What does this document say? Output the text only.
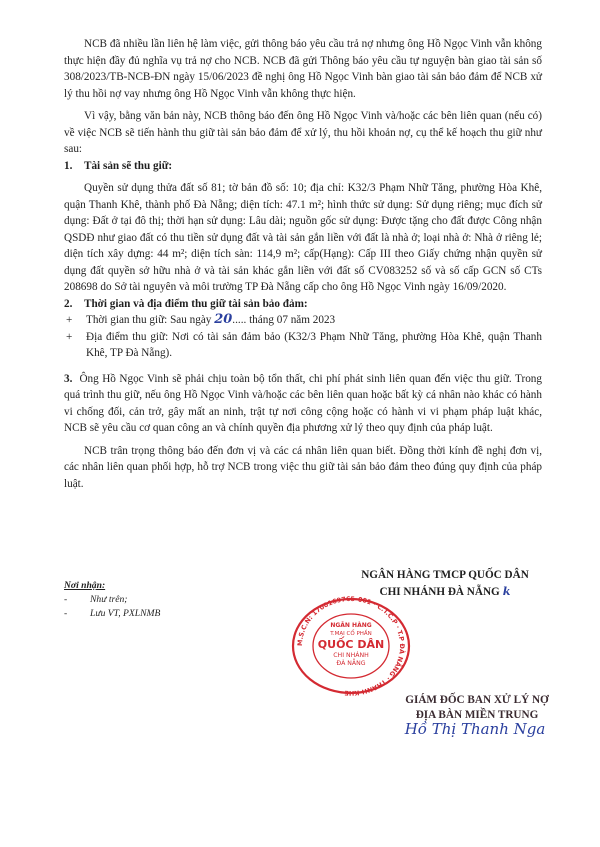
NCB đã nhiều lần liên hệ làm việc, gửi thông báo yêu cầu trả nợ nhưng ông Hồ Ngọc Vinh vẫn không thực hiện đầy đủ nghĩa vụ trả nợ cho NCB. NCB đã gửi Thông báo yêu cầu tự nguyện bàn giao tài sản số 308/2023/TB-NCB-ĐN ngày 15/06/2023 đề nghị ông Hồ Ngọc Vinh bàn giao tài sản bảo đảm để NCB xử lý thu hồi nợ vay nhưng ông Hồ Ngọc Vinh vẫn không thực hiện.

Vì vậy, bằng văn bản này, NCB thông báo đến ông Hồ Ngọc Vinh và/hoặc các bên liên quan (nếu có) về việc NCB sẽ tiến hành thu giữ tài sản bảo đảm để xử lý, thu hồi khoản nợ, cụ thể kế hoạch thu giữ như sau:

1. Tài sản sẽ thu giữ:

Quyền sử dụng thửa đất số 81; tờ bản đồ số: 10; địa chỉ: K32/3 Phạm Nhữ Tăng, phường Hòa Khê, quận Thanh Khê, thành phố Đà Nẵng; diện tích: 47.1 m²; hình thức sử dụng: Sử dụng riêng; mục đích sử dụng: Đất ở tại đô thị; thời hạn sử dụng: Lâu dài; nguồn gốc sử dụng: Được tặng cho đất được Công nhận QSDĐ như giao đất có thu tiền sử dụng đất và tài sản gắn liền với đất là nhà ở; loại nhà ở: Nhà ở riêng lẻ; diện tích xây dựng: 44 m²; diện tích sàn: 114,9 m²; cấp(Hạng): Cấp III theo Giấy chứng nhận quyền sử dụng đất quyền sở hữu nhà ở và tài sản khác gắn liền với đất số CV083252 số và số cấp GCN số CTs 208698 do Sở tài nguyên và môi trường TP Đà Nẵng cấp cho ông Hồ Ngọc Vinh ngày 16/09/2020.

2. Thời gian và địa điểm thu giữ tài sản bảo đảm:

+	Thời gian thu giữ: Sau ngày 20..... tháng 07 năm 2023
+	Địa điểm thu giữ: Nơi có tài sản đảm bảo (K32/3 Phạm Nhữ Tăng, phường Hòa Khê, quận Thanh Khê, TP Đà Nẵng).

3. Ông Hồ Ngọc Vinh sẽ phải chịu toàn bộ tổn thất, chi phí phát sinh liên quan đến việc thu giữ. Trong quá trình thu giữ, nếu ông Hồ Ngọc Vinh và/hoặc các bên liên quan hoặc bất kỳ cá nhân nào khác có hành vi chống đối, cản trở, gây mất an ninh, trật tự nơi công cộng hoặc có hành vi vi phạm pháp luật khác, NCB sẽ yêu cầu cơ quan công an và chính quyền địa phương xử lý theo quy định của pháp luật.

NCB trân trọng thông báo đến đơn vị và các cá nhân liên quan biết. Đồng thời kính đề nghị đơn vị, các nhân liên quan phối hợp, hỗ trợ NCB trong việc thu giữ tài sản bảo đảm theo đúng quy định của pháp luật.

NGÂN HÀNG TMCP QUỐC DÂN
CHI NHÁNH ĐÀ NẴNG k
Nơi nhận:
-	Như trên;
-	Lưu VT, PXLNMB
M.S.C.N: 1700169765-001 · C.T.C.P · T.P ĐÀ NẴNG · THANH KHÊ ·
NGÂN HÀNG
T.MẠI CỔ PHẦN
QUỐC DÂN
CHI NHÁNH
ĐÀ NẴNG
GIÁM ĐỐC BAN XỬ LÝ NỢ
ĐỊA BÀN MIỀN TRUNG
Hồ Thị Thanh Nga
